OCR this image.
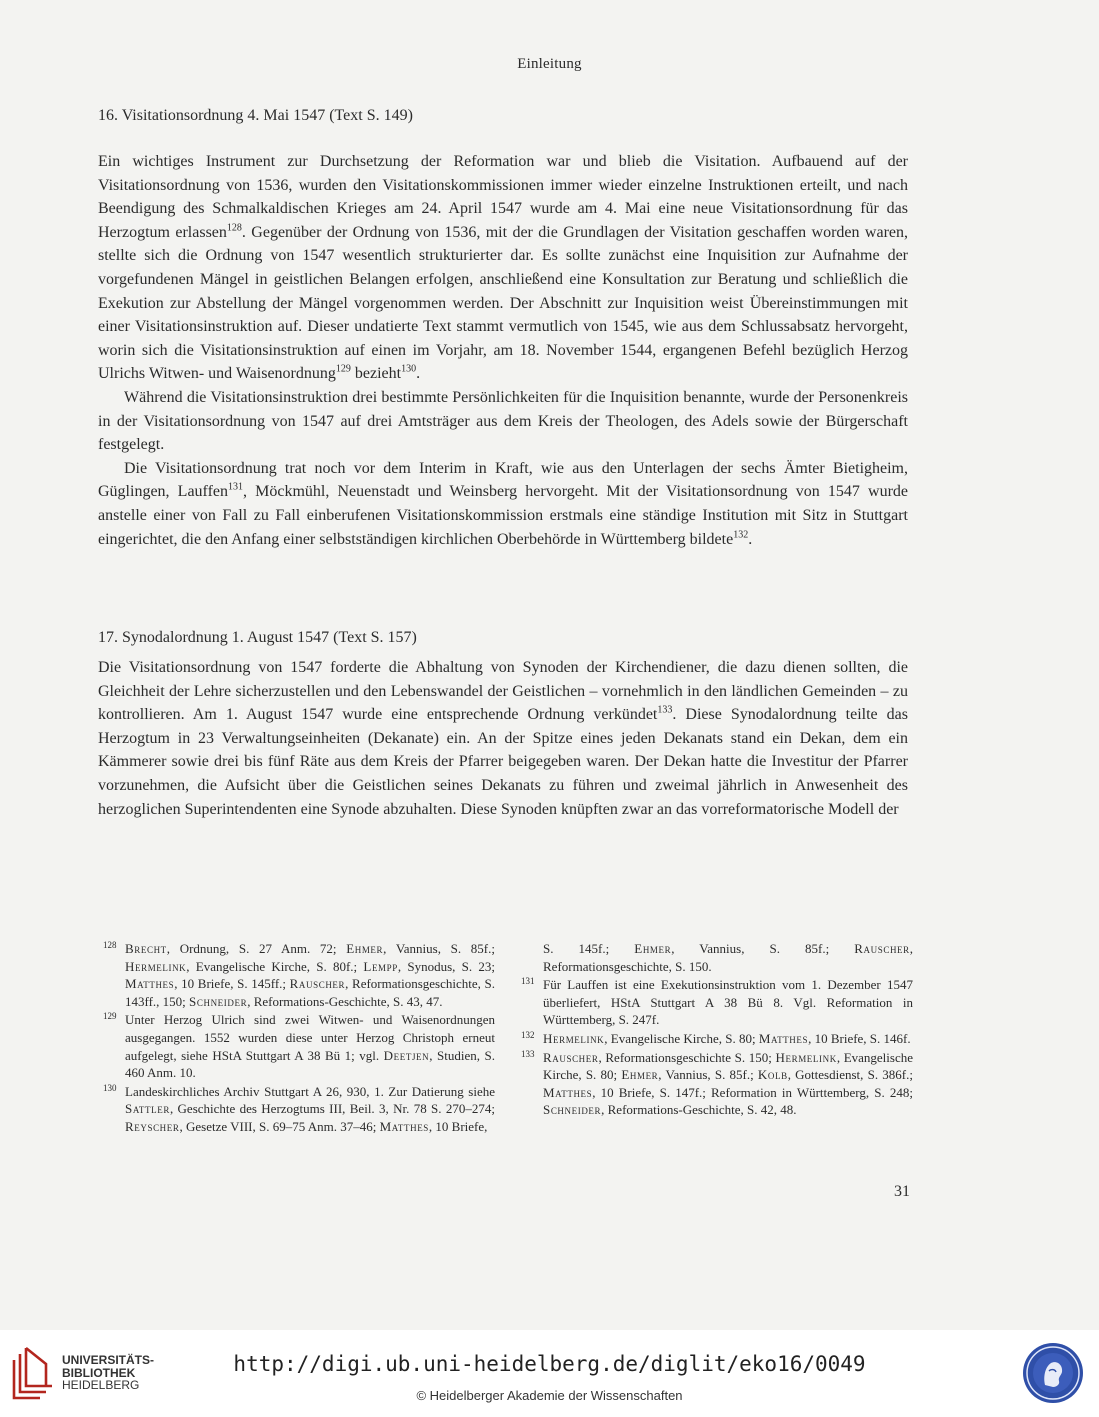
Einleitung

16. Visitationsordnung 4. Mai 1547 (Text S. 149)

Ein wichtiges Instrument zur Durchsetzung der Reformation war und blieb die Visitation. Aufbauend auf der Visitationsordnung von 1536, wurden den Visitationskommissionen immer wieder einzelne Instruktionen erteilt, und nach Beendigung des Schmalkaldischen Krieges am 24. April 1547 wurde am 4. Mai eine neue Visitationsordnung für das Herzogtum erlassen$^{128}$. Gegenüber der Ordnung von 1536, mit der die Grundlagen der Visitation geschaffen worden waren, stellte sich die Ordnung von 1547 wesentlich strukturierter dar. Es sollte zunächst eine Inquisition zur Aufnahme der vorgefundenen Mängel in geistlichen Belangen erfolgen, anschließend eine Konsultation zur Beratung und schließlich die Exekution zur Abstellung der Mängel vorgenommen werden. Der Abschnitt zur Inquisition weist Übereinstimmungen mit einer Visitationsinstruktion auf. Dieser undatierte Text stammt vermutlich von 1545, wie aus dem Schlussabsatz hervorgeht, worin sich die Visitationsinstruktion auf einen im Vorjahr, am 18. November 1544, ergangenen Befehl bezüglich Herzog Ulrichs Witwen- und Waisenordnung$^{129}$ bezieht$^{130}$.

Während die Visitationsinstruktion drei bestimmte Persönlichkeiten für die Inquisition benannte, wurde der Personenkreis in der Visitationsordnung von 1547 auf drei Amtsträger aus dem Kreis der Theologen, des Adels sowie der Bürgerschaft festgelegt.

Die Visitationsordnung trat noch vor dem Interim in Kraft, wie aus den Unterlagen der sechs Ämter Bietigheim, Güglingen, Lauffen$^{131}$, Möckmühl, Neuenstadt und Weinsberg hervorgeht. Mit der Visitationsordnung von 1547 wurde anstelle einer von Fall zu Fall einberufenen Visitationskommission erstmals eine ständige Institution mit Sitz in Stuttgart eingerichtet, die den Anfang einer selbstständigen kirchlichen Oberbehörde in Württemberg bildete$^{132}$.

17. Synodalordnung 1. August 1547 (Text S. 157)

Die Visitationsordnung von 1547 forderte die Abhaltung von Synoden der Kirchendiener, die dazu dienen sollten, die Gleichheit der Lehre sicherzustellen und den Lebenswandel der Geistlichen – vornehmlich in den ländlichen Gemeinden – zu kontrollieren. Am 1. August 1547 wurde eine entsprechende Ordnung verkündet$^{133}$. Diese Synodalordnung teilte das Herzogtum in 23 Verwaltungseinheiten (Dekanate) ein. An der Spitze eines jeden Dekanats stand ein Dekan, dem ein Kämmerer sowie drei bis fünf Räte aus dem Kreis der Pfarrer beigegeben waren. Der Dekan hatte die Investitur der Pfarrer vorzunehmen, die Aufsicht über die Geistlichen seines Dekanats zu führen und zweimal jährlich in Anwesenheit des herzoglichen Superintendenten eine Synode abzuhalten. Diese Synoden knüpften zwar an das vorreformatorische Modell der

128 Brecht, Ordnung, S. 27 Anm. 72; Ehmer, Vannius, S. 85f.; Hermelink, Evangelische Kirche, S. 80f.; Lempp, Synodus, S. 23; Matthes, 10 Briefe, S. 145ff.; Rauscher, Reformationsgeschichte, S. 143ff., 150; Schneider, Reformations-Geschichte, S. 43, 47.

129 Unter Herzog Ulrich sind zwei Witwen- und Waisenordnungen ausgegangen. 1552 wurden diese unter Herzog Christoph erneut aufgelegt, siehe HStA Stuttgart A 38 Bü 1; vgl. Deetjen, Studien, S. 460 Anm. 10.

130 Landeskirchliches Archiv Stuttgart A 26, 930, 1. Zur Datierung siehe Sattler, Geschichte des Herzogtums III, Beil. 3, Nr. 78 S. 270–274; Reyscher, Gesetze VIII, S. 69–75 Anm. 37–46; Matthes, 10 Briefe,

S. 145f.; Ehmer, Vannius, S. 85f.; Rauscher, Reformationsgeschichte, S. 150.

131 Für Lauffen ist eine Exekutionsinstruktion vom 1. Dezember 1547 überliefert, HStA Stuttgart A 38 Bü 8. Vgl. Reformation in Württemberg, S. 247f.

132 Hermelink, Evangelische Kirche, S. 80; Matthes, 10 Briefe, S. 146f.

133 Rauscher, Reformationsgeschichte S. 150; Hermelink, Evangelische Kirche, S. 80; Ehmer, Vannius, S. 85f.; Kolb, Gottesdienst, S. 386f.; Matthes, 10 Briefe, S. 147f.; Reformation in Württemberg, S. 248; Schneider, Reformations-Geschichte, S. 42, 48.

31
UNIVERSITÄTS-
BIBLIOTHEK
HEIDELBERG
http://digi.ub.uni-heidelberg.de/diglit/eko16/0049
© Heidelberger Akademie der Wissenschaften
